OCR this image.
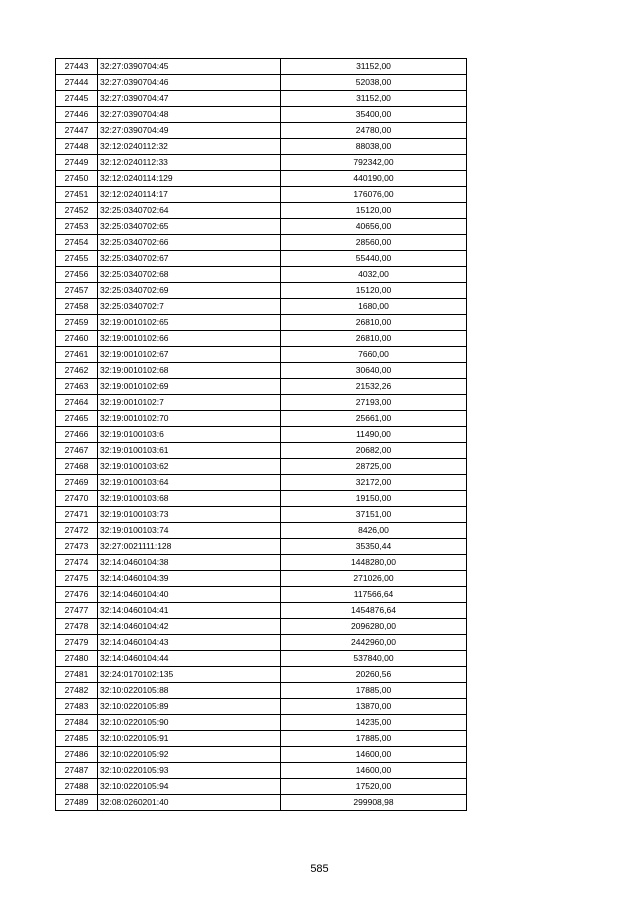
27443	32:27:0390704:45	31152,00
27444	32:27:0390704:46	52038,00
27445	32:27:0390704:47	31152,00
27446	32:27:0390704:48	35400,00
27447	32:27:0390704:49	24780,00
27448	32:12:0240112:32	88038,00
27449	32:12:0240112:33	792342,00
27450	32:12:0240114:129	440190,00
27451	32:12:0240114:17	176076,00
27452	32:25:0340702:64	15120,00
27453	32:25:0340702:65	40656,00
27454	32:25:0340702:66	28560,00
27455	32:25:0340702:67	55440,00
27456	32:25:0340702:68	4032,00
27457	32:25:0340702:69	15120,00
27458	32:25:0340702:7	1680,00
27459	32:19:0010102:65	26810,00
27460	32:19:0010102:66	26810,00
27461	32:19:0010102:67	7660,00
27462	32:19:0010102:68	30640,00
27463	32:19:0010102:69	21532,26
27464	32:19:0010102:7	27193,00
27465	32:19:0010102:70	25661,00
27466	32:19:0100103:6	11490,00
27467	32:19:0100103:61	20682,00
27468	32:19:0100103:62	28725,00
27469	32:19:0100103:64	32172,00
27470	32:19:0100103:68	19150,00
27471	32:19:0100103:73	37151,00
27472	32:19:0100103:74	8426,00
27473	32:27:0021111:128	35350,44
27474	32:14:0460104:38	1448280,00
27475	32:14:0460104:39	271026,00
27476	32:14:0460104:40	117566,64
27477	32:14:0460104:41	1454876,64
27478	32:14:0460104:42	2096280,00
27479	32:14:0460104:43	2442960,00
27480	32:14:0460104:44	537840,00
27481	32:24:0170102:135	20260,56
27482	32:10:0220105:88	17885,00
27483	32:10:0220105:89	13870,00
27484	32:10:0220105:90	14235,00
27485	32:10:0220105:91	17885,00
27486	32:10:0220105:92	14600,00
27487	32:10:0220105:93	14600,00
27488	32:10:0220105:94	17520,00
27489	32:08:0260201:40	299908,98
585
